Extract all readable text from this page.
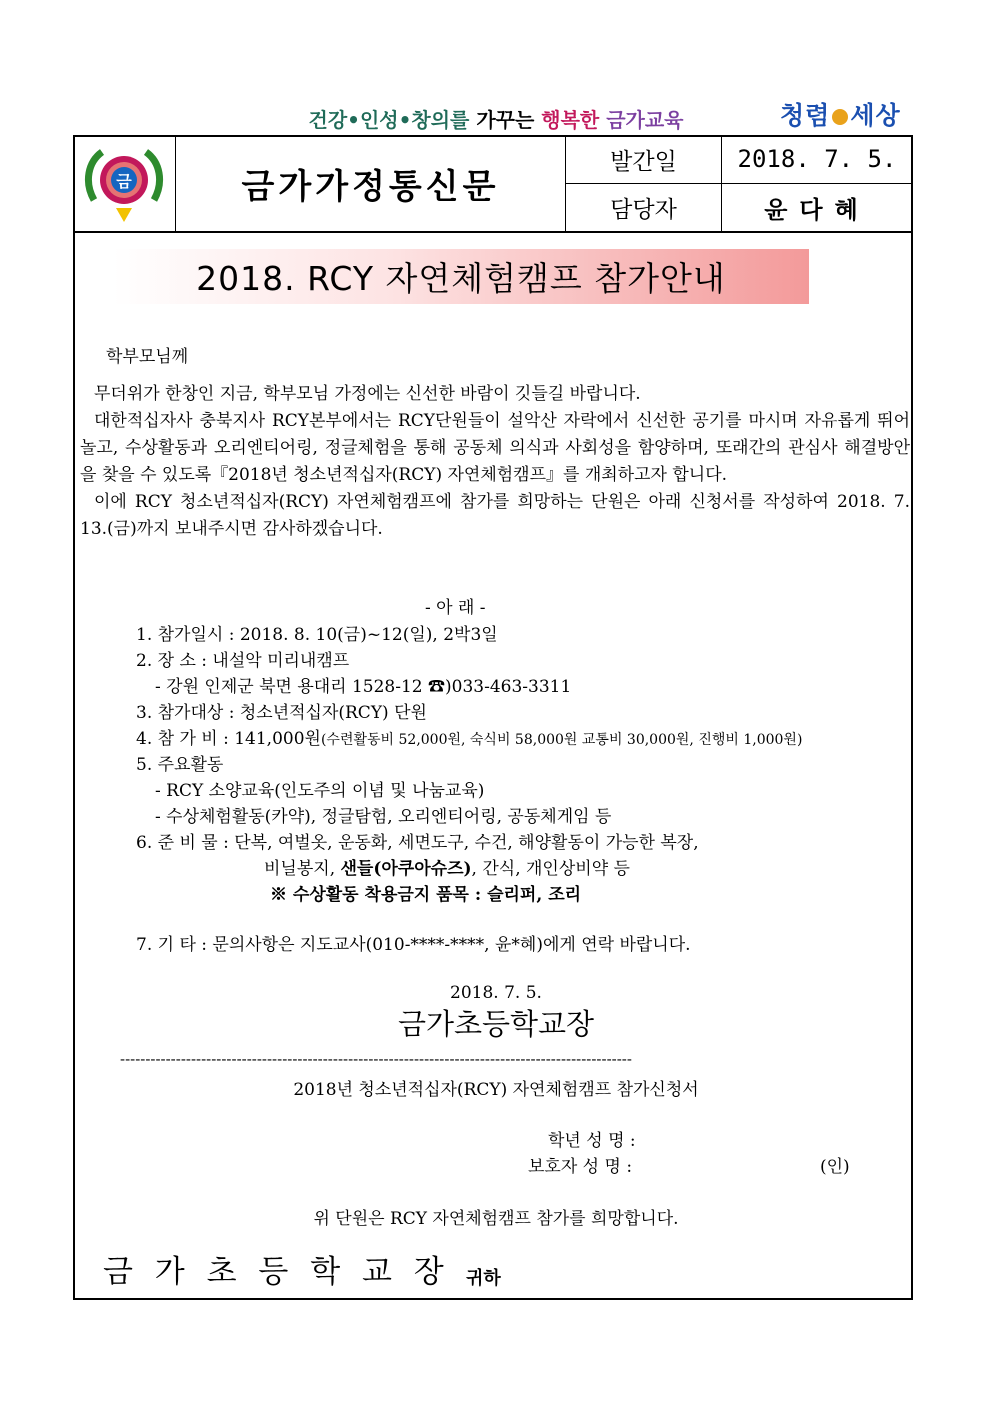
건강•인성•창의를 가꾸는 행복한 금가교육	청렴 세상
금	금가가정통신문
발간일	2018. 7. 5.
담당자	윤다혜
2018. RCY 자연체험캠프 참가안내
학부모님께

무더위가 한창인 지금, 학부모님 가정에는 신선한 바람이 깃들길 바랍니다.

대한적십자사 충북지사 RCY본부에서는 RCY단원들이 설악산 자락에서 신선한 공기를 마시며 자유롭게 뛰어놀고, 수상활동과 오리엔티어링, 정글체험을 통해 공동체 의식과 사회성을 함양하며, 또래간의 관심사 해결방안을 찾을 수 있도록『2018년 청소년적십자(RCY) 자연체험캠프』를 개최하고자 합니다.

이에 RCY 청소년적십자(RCY) 자연체험캠프에 참가를 희망하는 단원은 아래 신청서를 작성하여 2018. 7. 13.(금)까지 보내주시면 감사하겠습니다.

- 아 래 -
1. 참가일시 : 2018. 8. 10(금)~12(일), 2박3일
2. 장 소 : 내설악 미리내캠프
- 강원 인제군 북면 용대리 1528-12 ☎)033-463-3311
3. 참가대상 : 청소년적십자(RCY) 단원
4. 참 가 비 : 141,000원(수련활동비 52,000원, 숙식비 58,000원 교통비 30,000원, 진행비 1,000원)
5. 주요활동
- RCY 소양교육(인도주의 이념 및 나눔교육)
- 수상체험활동(카약), 정글탐험, 오리엔티어링, 공동체게임 등
6. 준 비 물 : 단복, 여벌옷, 운동화, 세면도구, 수건, 해양활동이 가능한 복장,
비닐봉지, 샌들(아쿠아슈즈), 간식, 개인상비약 등
※ 수상활동 착용금지 품목 : 슬리퍼, 조리
7. 기 타 : 문의사항은 지도교사(010-****-****, 윤*혜)에게 연락 바랍니다.
2018. 7. 5.
금가초등학교장
-----------------------------------------------------------------------------------------------------
2018년 청소년적십자(RCY) 자연체험캠프 참가신청서
학년 성 명 :
보호자 성 명 :	(인)
위 단원은 RCY 자연체험캠프 참가를 희망합니다.
금 가 초 등 학 교 장 귀하
